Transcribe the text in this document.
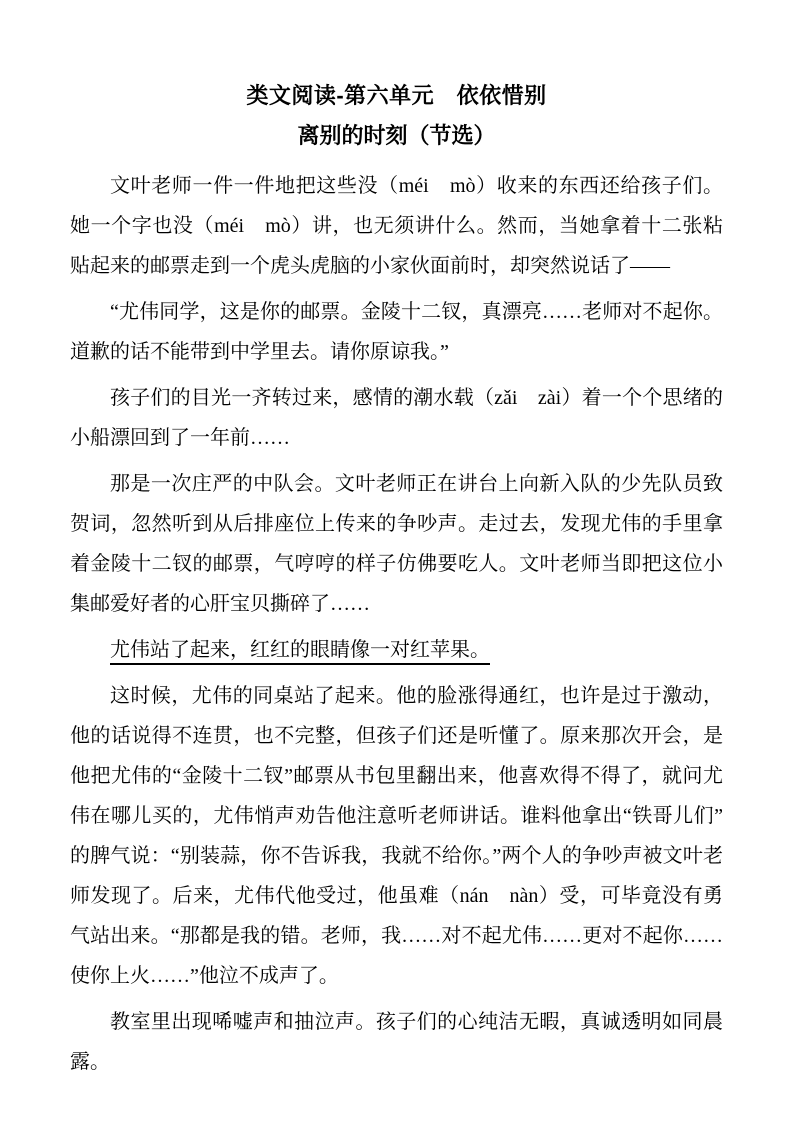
类文阅读-第六单元　依依惜别
离别的时刻（节选）

文叶老师一件一件地把这些没（méi　mò）收来的东西还给孩子们。她一个字也没（méi　mò）讲，也无须讲什么。然而，当她拿着十二张粘贴起来的邮票走到一个虎头虎脑的小家伙面前时，却突然说话了——

“尤伟同学，这是你的邮票。金陵十二钗，真漂亮……老师对不起你。道歉的话不能带到中学里去。请你原谅我。”

孩子们的目光一齐转过来，感情的潮水载（zǎi　zài）着一个个思绪的小船漂回到了一年前……

那是一次庄严的中队会。文叶老师正在讲台上向新入队的少先队员致贺词，忽然听到从后排座位上传来的争吵声。走过去，发现尤伟的手里拿着金陵十二钗的邮票，气哼哼的样子仿佛要吃人。文叶老师当即把这位小集邮爱好者的心肝宝贝撕碎了……

尤伟站了起来，红红的眼睛像一对红苹果。

这时候，尤伟的同桌站了起来。他的脸涨得通红，也许是过于激动，他的话说得不连贯，也不完整，但孩子们还是听懂了。原来那次开会，是他把尤伟的“金陵十二钗”邮票从书包里翻出来，他喜欢得不得了，就问尤伟在哪儿买的，尤伟悄声劝告他注意听老师讲话。谁料他拿出“铁哥儿们”的脾气说：“别装蒜，你不告诉我，我就不给你。”两个人的争吵声被文叶老师发现了。后来，尤伟代他受过，他虽难（nán　nàn）受，可毕竟没有勇气站出来。“那都是我的错。老师，我……对不起尤伟……更对不起你……使你上火……”他泣不成声了。

教室里出现唏嘘声和抽泣声。孩子们的心纯洁无暇，真诚透明如同晨露。
